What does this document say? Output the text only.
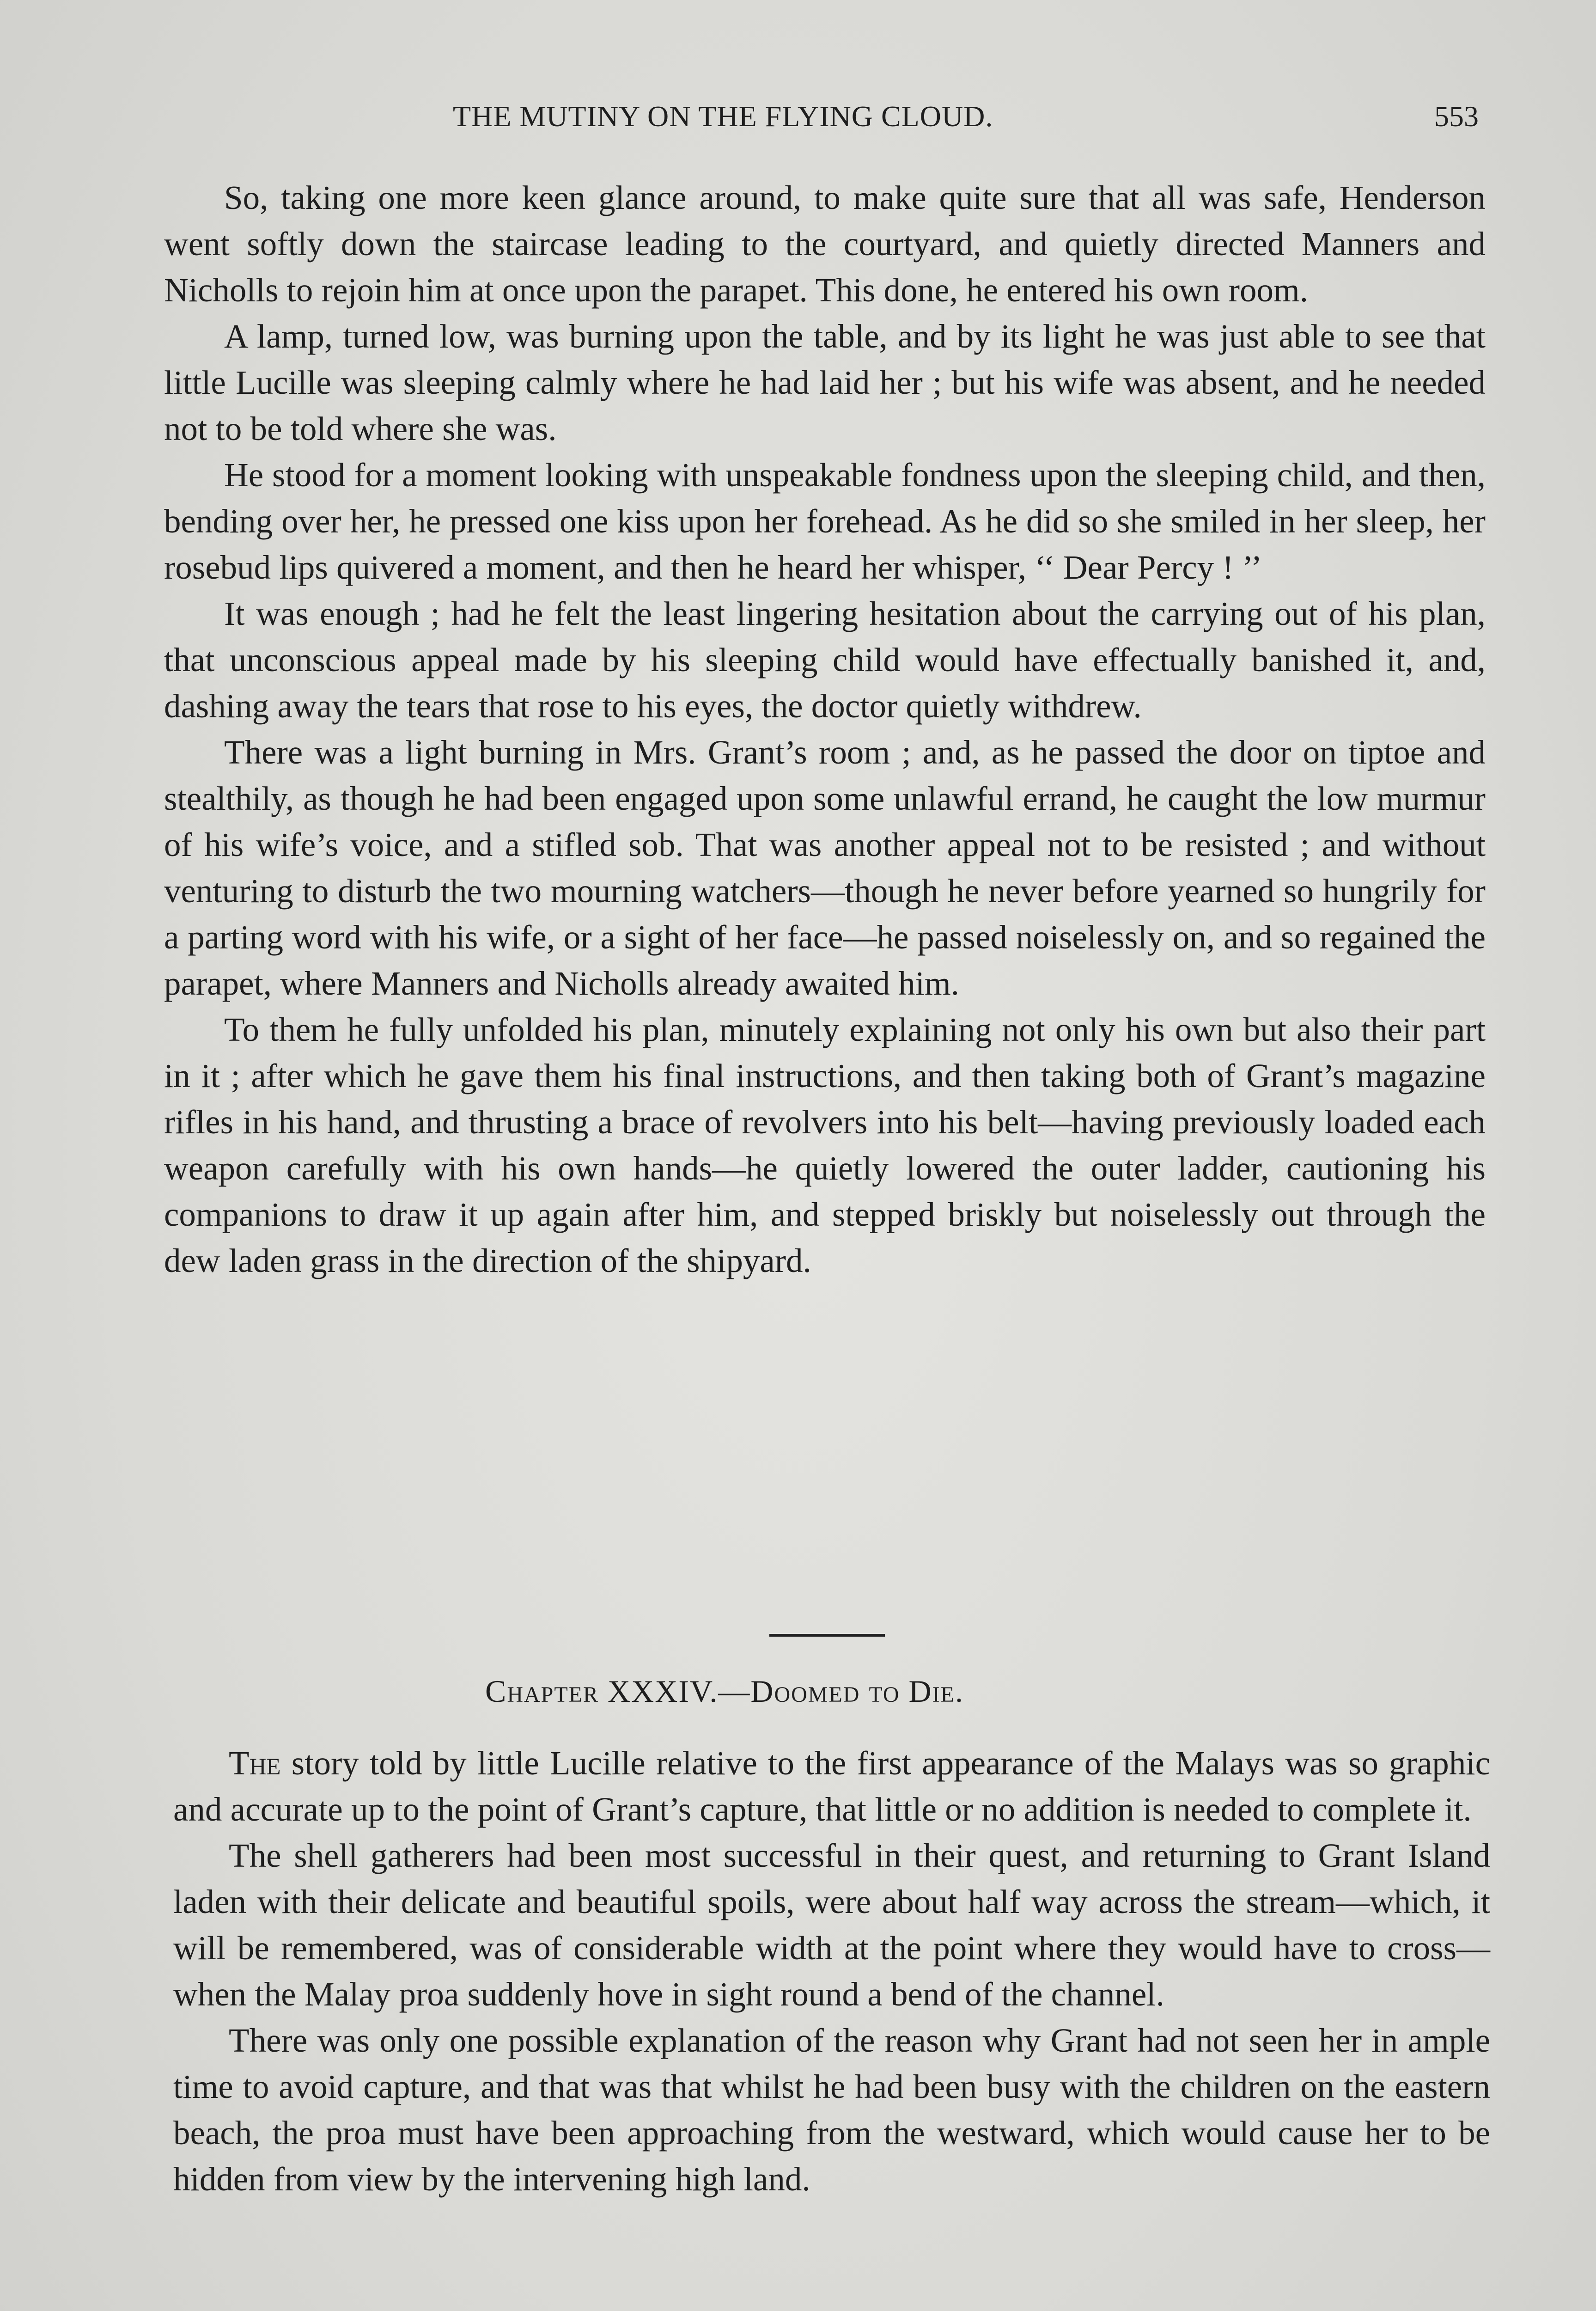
THE MUTINY ON THE FLYING CLOUD.	553

So, taking one more keen glance around, to make quite sure that all was safe, Henderson went softly down the staircase leading to the courtyard, and quietly directed Manners and Nicholls to rejoin him at once upon the parapet. This done, he entered his own room.

A lamp, turned low, was burning upon the table, and by its light he was just able to see that little Lucille was sleeping calmly where he had laid her ; but his wife was absent, and he needed not to be told where she was.

He stood for a moment looking with unspeakable fondness upon the sleeping child, and then, bending over her, he pressed one kiss upon her forehead. As he did so she smiled in her sleep, her rosebud lips quivered a moment, and then he heard her whisper, ‘‘ Dear Percy ! ’’

It was enough ; had he felt the least lingering hesitation about the carrying out of his plan, that unconscious appeal made by his sleeping child would have effectually banished it, and, dashing away the tears that rose to his eyes, the doctor quietly withdrew.

There was a light burning in Mrs. Grant’s room ; and, as he passed the door on tiptoe and stealthily, as though he had been engaged upon some unlawful errand, he caught the low murmur of his wife’s voice, and a stifled sob. That was another appeal not to be resisted ; and without venturing to disturb the two mourning watchers—though he never before yearned so hungrily for a parting word with his wife, or a sight of her face—he passed noiselessly on, and so regained the parapet, where Manners and Nicholls already awaited him.

To them he fully unfolded his plan, minutely explaining not only his own but also their part in it ; after which he gave them his final instructions, and then taking both of Grant’s magazine rifles in his hand, and thrusting a brace of revolvers into his belt—having previously loaded each weapon carefully with his own hands—he quietly lowered the outer ladder, cautioning his companions to draw it up again after him, and stepped briskly but noiselessly out through the dew laden grass in the direction of the shipyard.

Chapter XXXIV.—Doomed to Die.

The story told by little Lucille relative to the first appearance of the Malays was so graphic and accurate up to the point of Grant’s capture, that little or no addition is needed to complete it.

The shell gatherers had been most successful in their quest, and returning to Grant Island laden with their delicate and beautiful spoils, were about half way across the stream—which, it will be remembered, was of considerable width at the point where they would have to cross—when the Malay proa suddenly hove in sight round a bend of the channel.

There was only one possible explanation of the reason why Grant had not seen her in ample time to avoid capture, and that was that whilst he had been busy with the children on the eastern beach, the proa must have been approaching from the westward, which would cause her to be hidden from view by the intervening high land.
